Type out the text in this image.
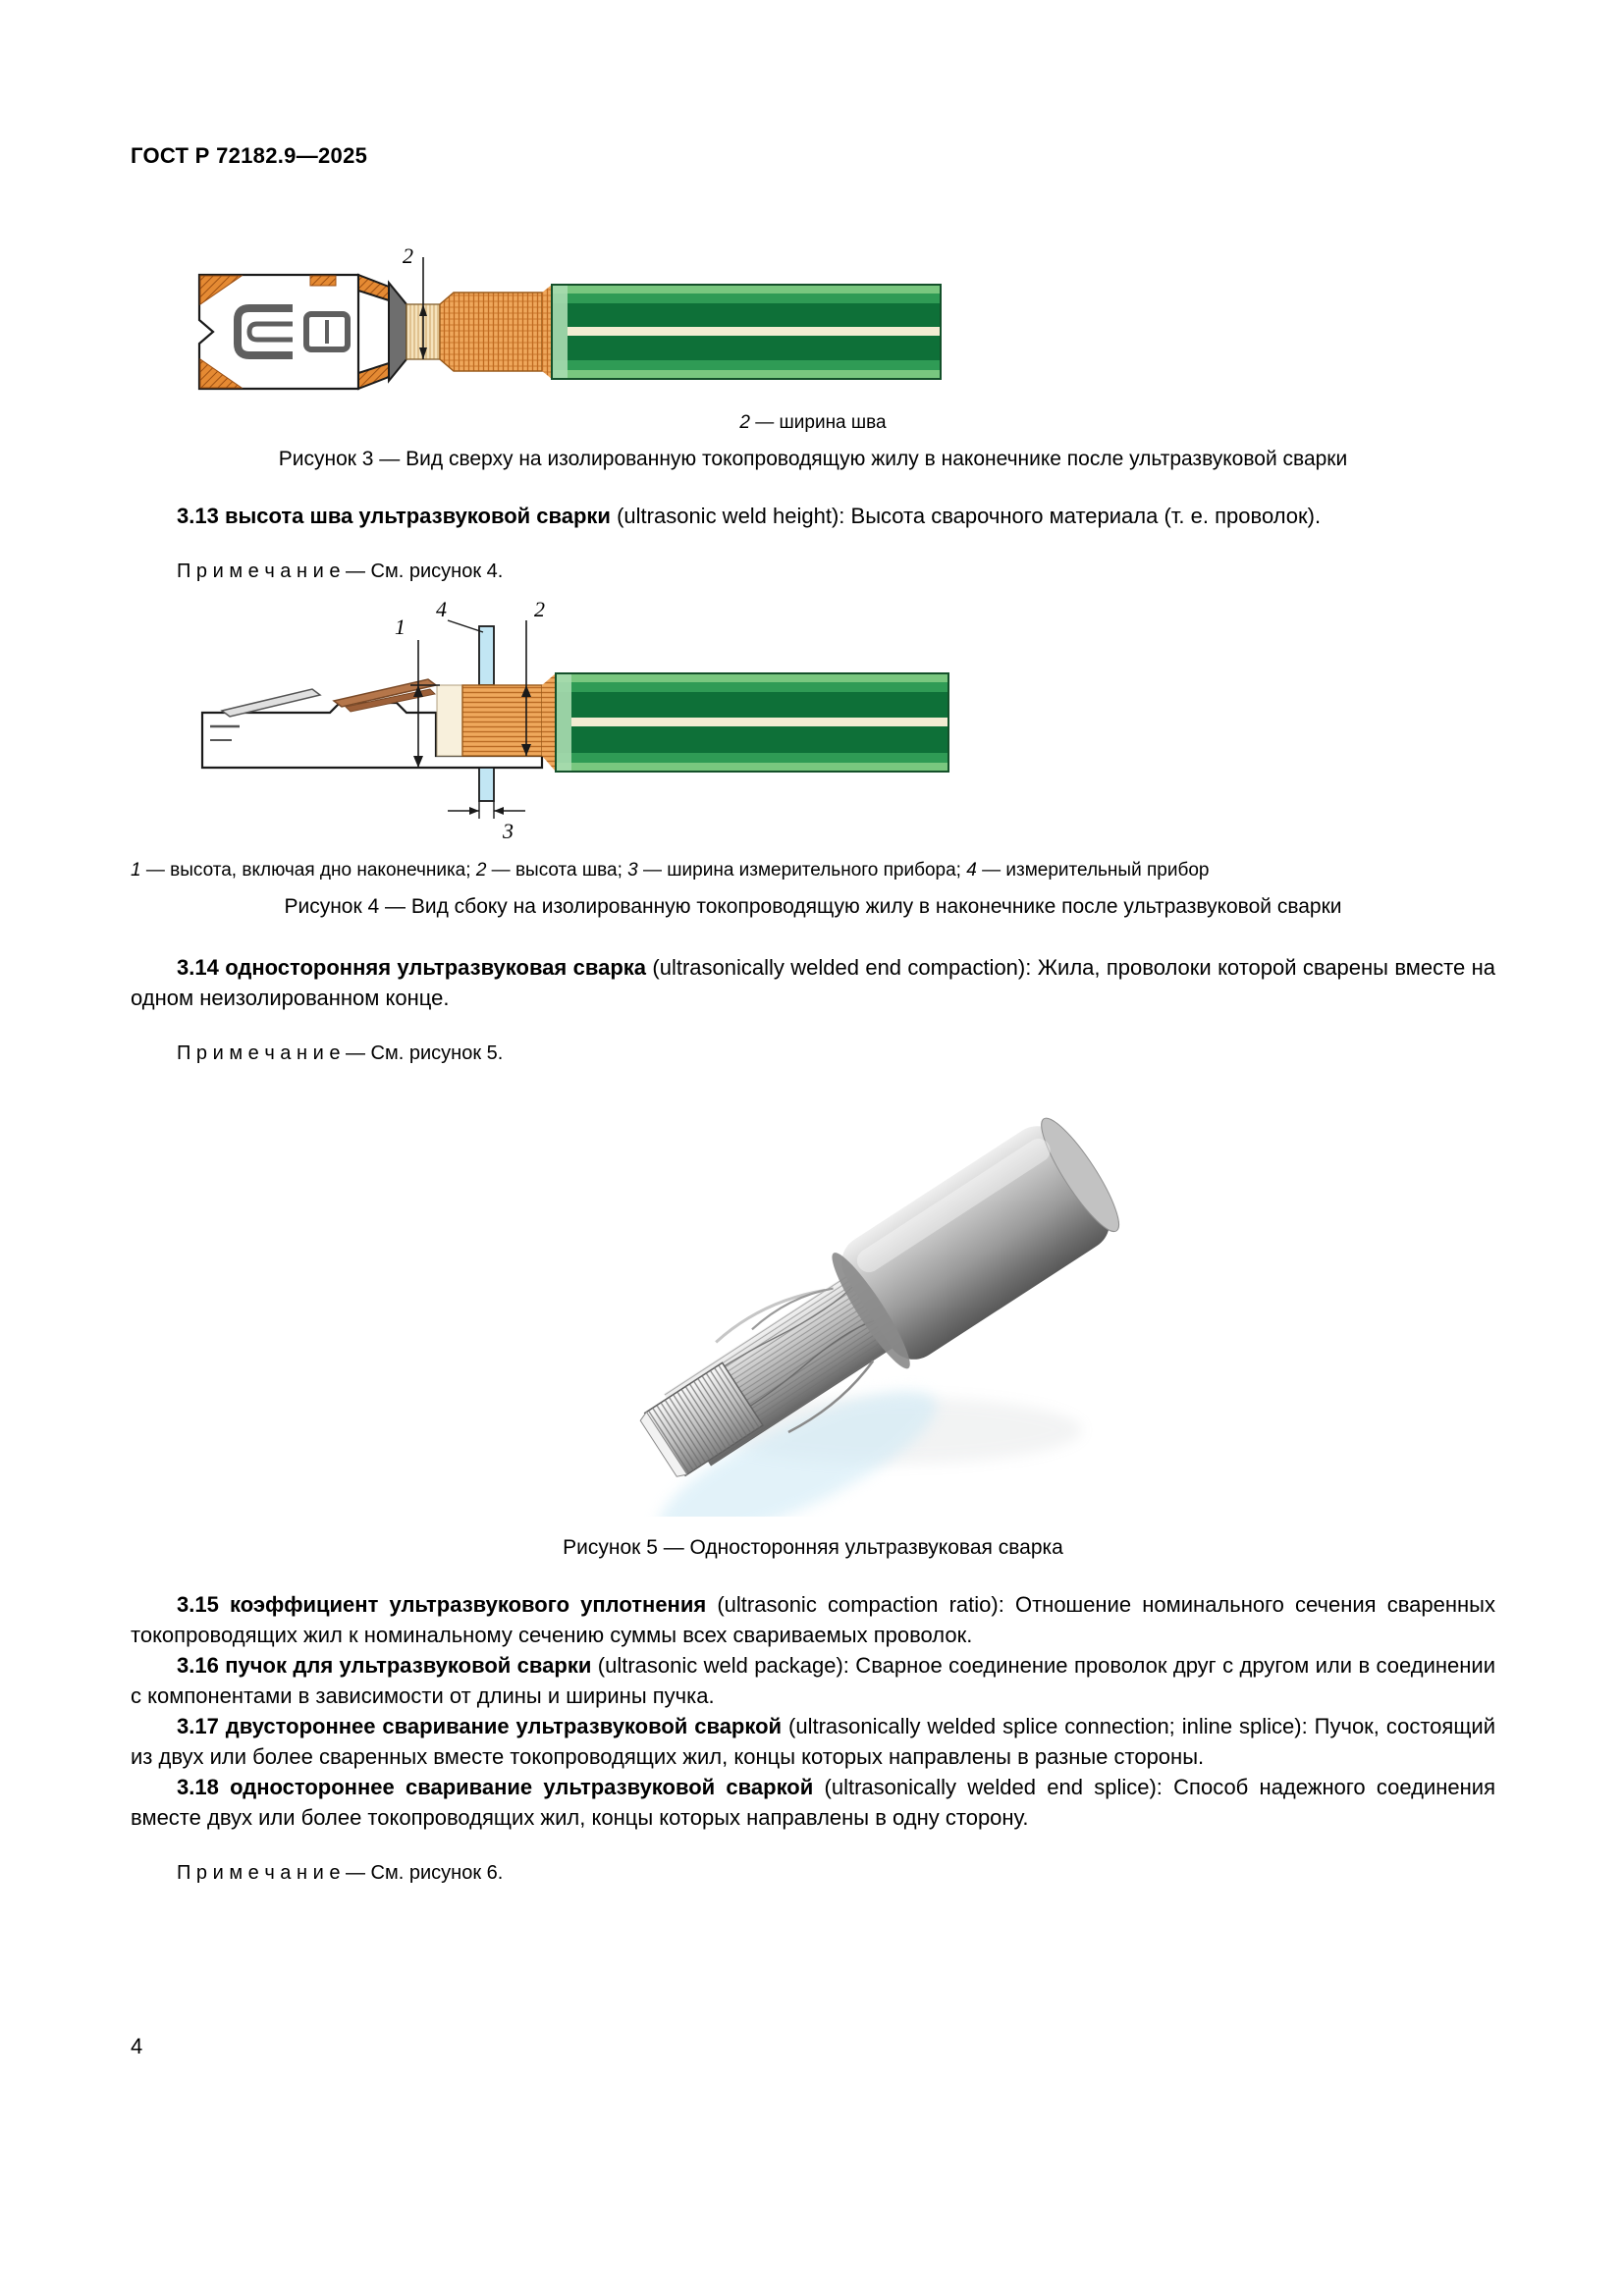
ГОСТ Р 72182.9—2025
2

2 — ширина шва

Рисунок 3 — Вид сверху на изолированную токопроводящую жилу в наконечнике после ультразвуковой сварки

3.13 высота шва ультразвуковой сварки (ultrasonic weld height): Высота сварочного материала (т. е. проволок).

П р и м е ч а н и е — См. рисунок 4.

1
2
3
4

1 — высота, включая дно наконечника; 2 — высота шва; 3 — ширина измерительного прибора; 4 — измерительный прибор

Рисунок 4 — Вид сбоку на изолированную токопроводящую жилу в наконечнике после ультразвуковой сварки

3.14 односторонняя ультразвуковая сварка (ultrasonically welded end compaction): Жила, проволоки которой сварены вместе на одном неизолированном конце.

П р и м е ч а н и е — См. рисунок 5.

Рисунок 5 — Односторонняя ультразвуковая сварка

3.15 коэффициент ультразвукового уплотнения (ultrasonic compaction ratio): Отношение номинального сечения сваренных токопроводящих жил к номинальному сечению суммы всех свариваемых проволок.

3.16 пучок для ультразвуковой сварки (ultrasonic weld package): Сварное соединение проволок друг с другом или в соединении с компонентами в зависимости от длины и ширины пучка.

3.17 двустороннее сваривание ультразвуковой сваркой (ultrasonically welded splice connection; inline splice): Пучок, состоящий из двух или более сваренных вместе токопроводящих жил, концы которых направлены в разные стороны.

3.18 одностороннее сваривание ультразвуковой сваркой (ultrasonically welded end splice): Способ надежного соединения вместе двух или более токопроводящих жил, концы которых направлены в одну сторону.

П р и м е ч а н и е — См. рисунок 6.

4
